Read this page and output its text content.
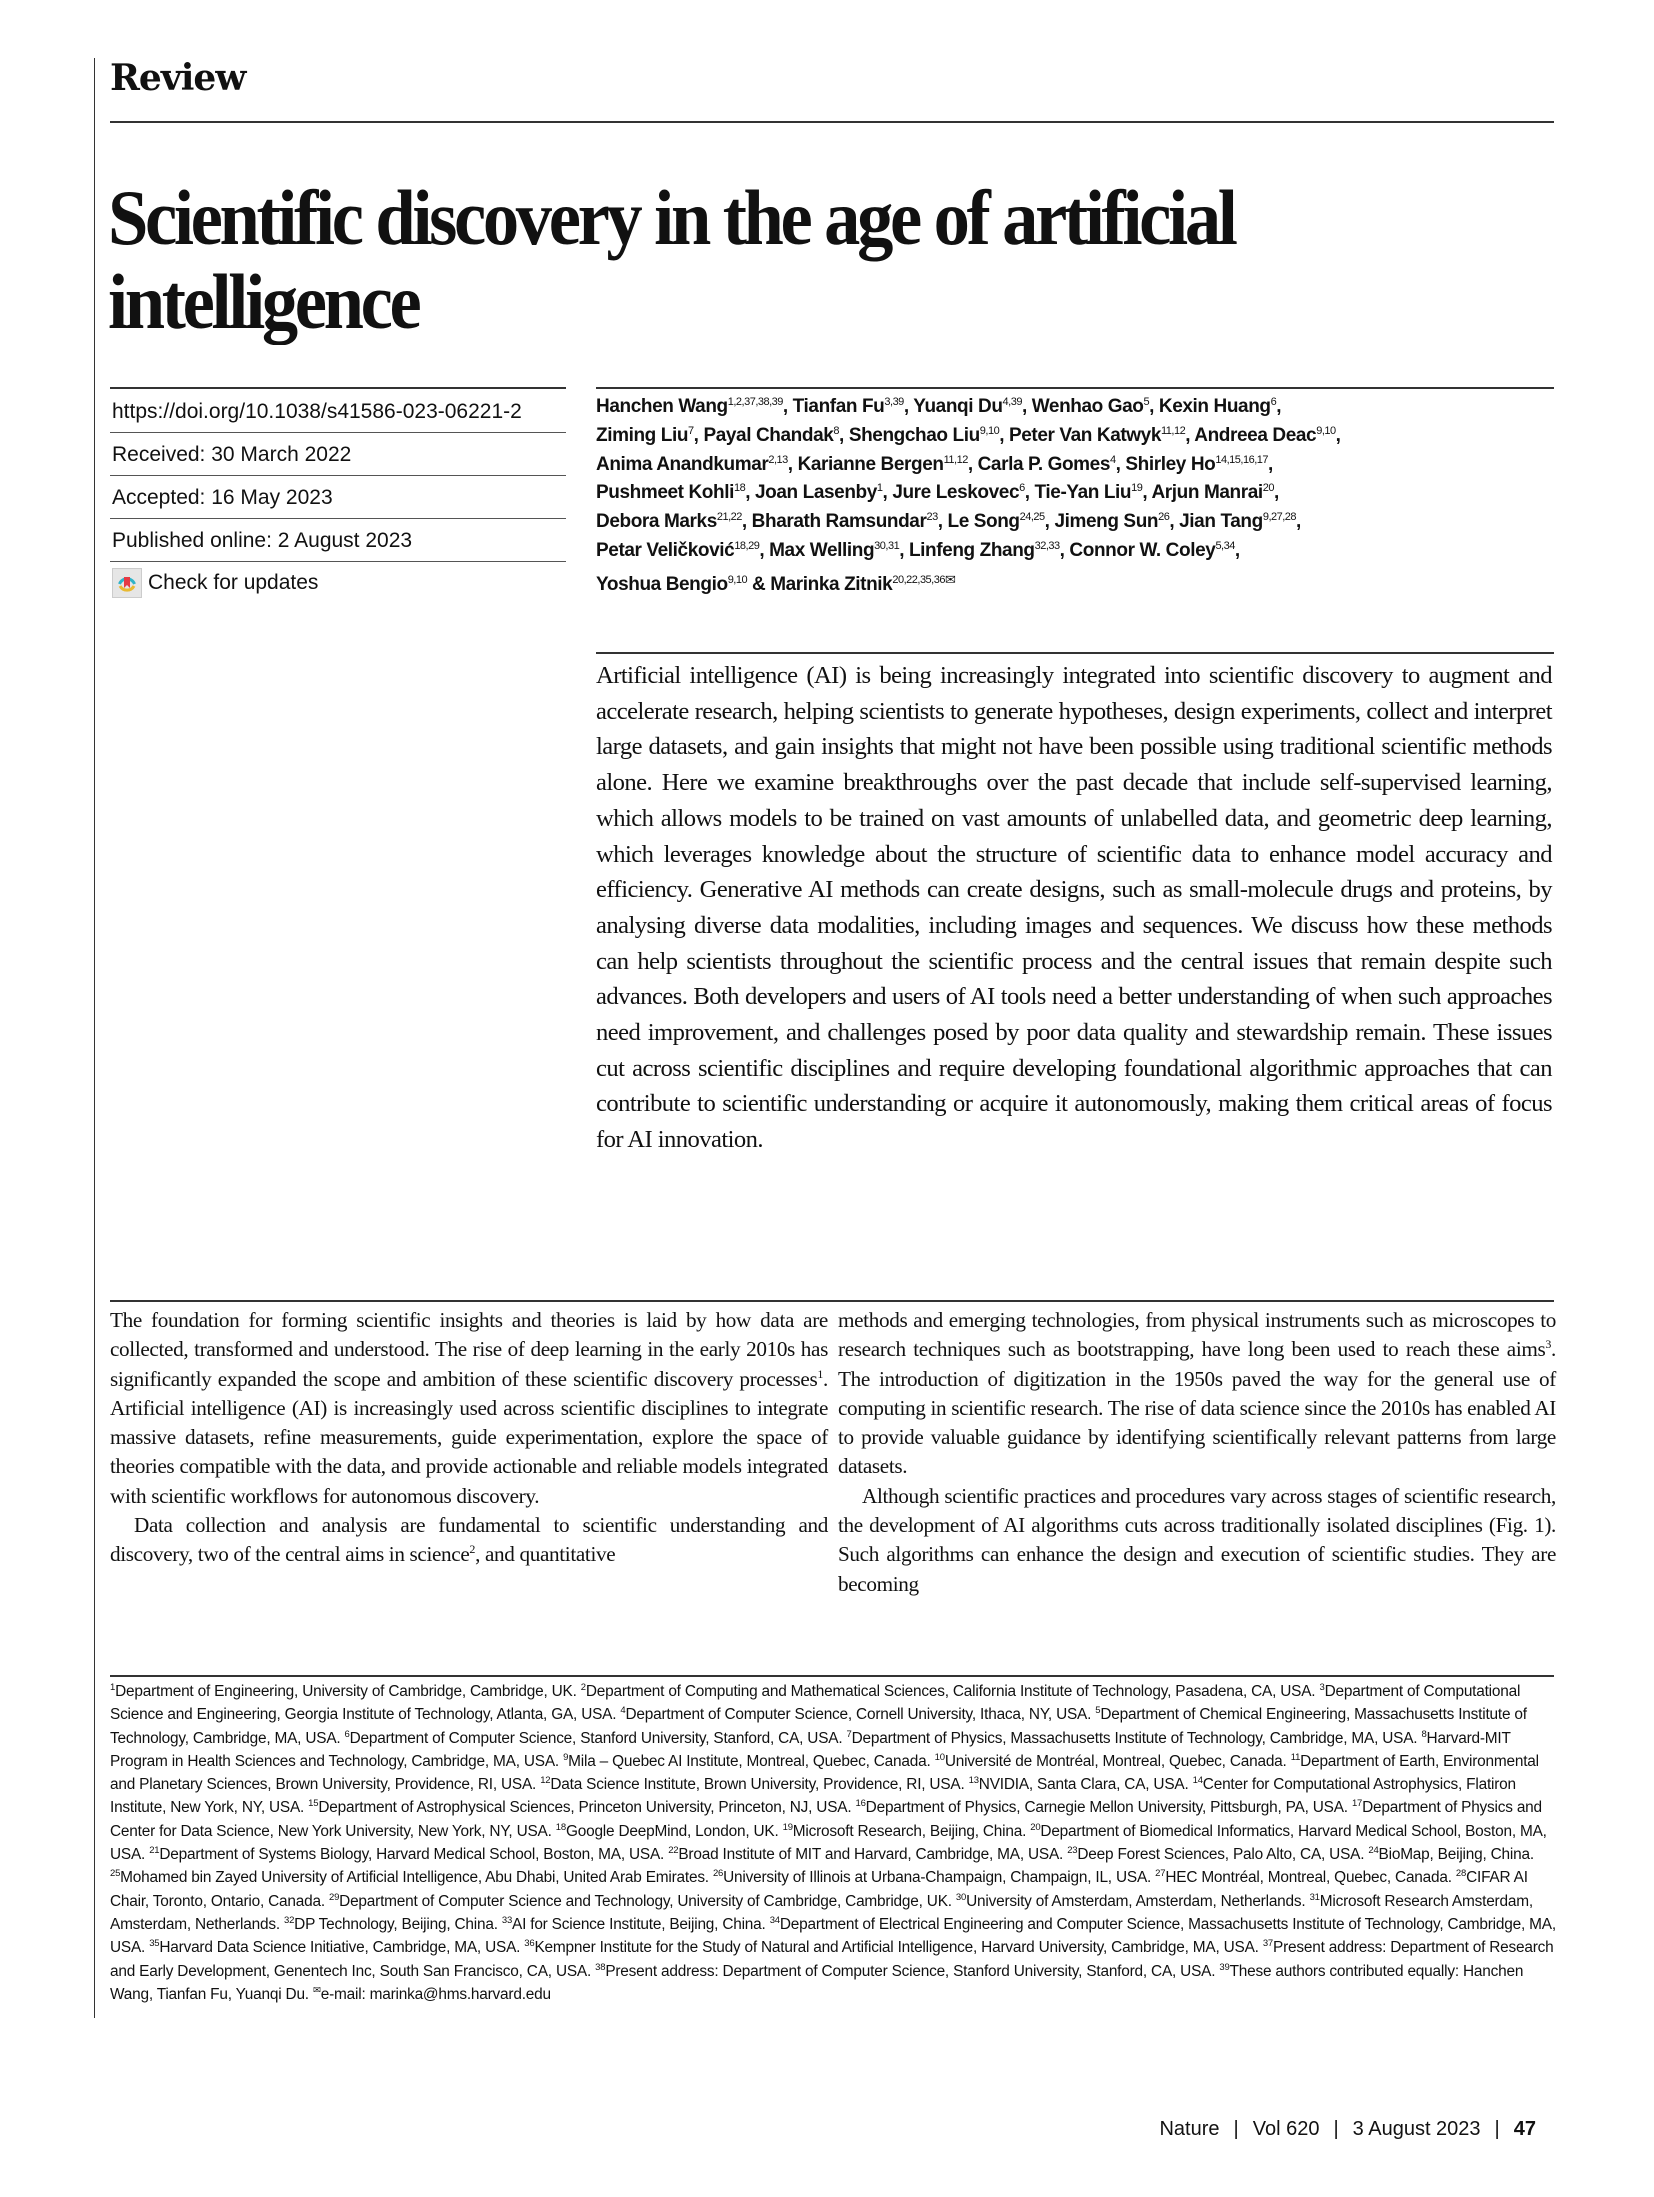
Review
Scientific discovery in the age of artificial intelligence
https://doi.org/10.1038/s41586-023-06221-2
Received: 30 March 2022
Accepted: 16 May 2023
Published online: 2 August 2023
Check for updates
Hanchen Wang$^{1,2,37,38,39}$, Tianfan Fu$^{3,39}$, Yuanqi Du$^{4,39}$, Wenhao Gao$^5$, Kexin Huang$^6$,
Ziming Liu$^7$, Payal Chandak$^8$, Shengchao Liu$^{9,10}$, Peter Van Katwyk$^{11,12}$, Andreea Deac$^{9,10}$,
Anima Anandkumar$^{2,13}$, Karianne Bergen$^{11,12}$, Carla P. Gomes$^4$, Shirley Ho$^{14,15,16,17}$,
Pushmeet Kohli$^{18}$, Joan Lasenby$^1$, Jure Leskovec$^6$, Tie-Yan Liu$^{19}$, Arjun Manrai$^{20}$,
Debora Marks$^{21,22}$, Bharath Ramsundar$^{23}$, Le Song$^{24,25}$, Jimeng Sun$^{26}$, Jian Tang$^{9,27,28}$,
Petar Veličković$^{18,29}$, Max Welling$^{30,31}$, Linfeng Zhang$^{32,33}$, Connor W. Coley$^{5,34}$,
Yoshua Bengio$^{9,10}$ & Marinka Zitnik$^{20,22,35,36✉}$
Artificial intelligence (AI) is being increasingly integrated into scientific discovery to augment and accelerate research, helping scientists to generate hypotheses, design experiments, collect and interpret large datasets, and gain insights that might not have been possible using traditional scientific methods alone. Here we examine breakthroughs over the past decade that include self-supervised learning, which allows models to be trained on vast amounts of unlabelled data, and geometric deep learning, which leverages knowledge about the structure of scientific data to enhance model accuracy and efficiency. Generative AI methods can create designs, such as small-molecule drugs and proteins, by analysing diverse data modalities, including images and sequences. We discuss how these methods can help scientists throughout the scientific process and the central issues that remain despite such advances. Both developers and users of AI tools need a better understanding of when such approaches need improvement, and challenges posed by poor data quality and stewardship remain. These issues cut across scientific disciplines and require developing foundational algorithmic approaches that can contribute to scientific understanding or acquire it autonomously, making them critical areas of focus for AI innovation.

The foundation for forming scientific insights and theories is laid by how data are collected, transformed and understood. The rise of deep learning in the early 2010s has significantly expanded the scope and ambition of these scientific discovery processes$^1$. Artificial intelligence (AI) is increasingly used across scientific disciplines to integrate massive datasets, refine measurements, guide experimentation, explore the space of theories compatible with the data, and provide actionable and reliable models integrated with scientific workflows for autonomous discovery.

Data collection and analysis are fundamental to scientific understanding and discovery, two of the central aims in science$^2$, and quantitative

methods and emerging technologies, from physical instruments such as microscopes to research techniques such as bootstrapping, have long been used to reach these aims$^3$. The introduction of digitization in the 1950s paved the way for the general use of computing in scientific research. The rise of data science since the 2010s has enabled AI to provide valuable guidance by identifying scientifically relevant patterns from large datasets.

Although scientific practices and procedures vary across stages of scientific research, the development of AI algorithms cuts across traditionally isolated disciplines (Fig. 1). Such algorithms can enhance the design and execution of scientific studies. They are becoming

$^1$Department of Engineering, University of Cambridge, Cambridge, UK. $^2$Department of Computing and Mathematical Sciences, California Institute of Technology, Pasadena, CA, USA. $^3$Department of Computational Science and Engineering, Georgia Institute of Technology, Atlanta, GA, USA. $^4$Department of Computer Science, Cornell University, Ithaca, NY, USA. $^5$Department of Chemical Engineering, Massachusetts Institute of Technology, Cambridge, MA, USA. $^6$Department of Computer Science, Stanford University, Stanford, CA, USA. $^7$Department of Physics, Massachusetts Institute of Technology, Cambridge, MA, USA. $^8$Harvard-MIT Program in Health Sciences and Technology, Cambridge, MA, USA. $^9$Mila – Quebec AI Institute, Montreal, Quebec, Canada. $^{10}$Université de Montréal, Montreal, Quebec, Canada. $^{11}$Department of Earth, Environmental and Planetary Sciences, Brown University, Providence, RI, USA. $^{12}$Data Science Institute, Brown University, Providence, RI, USA. $^{13}$NVIDIA, Santa Clara, CA, USA. $^{14}$Center for Computational Astrophysics, Flatiron Institute, New York, NY, USA. $^{15}$Department of Astrophysical Sciences, Princeton University, Princeton, NJ, USA. $^{16}$Department of Physics, Carnegie Mellon University, Pittsburgh, PA, USA. $^{17}$Department of Physics and Center for Data Science, New York University, New York, NY, USA. $^{18}$Google DeepMind, London, UK. $^{19}$Microsoft Research, Beijing, China. $^{20}$Department of Biomedical Informatics, Harvard Medical School, Boston, MA, USA. $^{21}$Department of Systems Biology, Harvard Medical School, Boston, MA, USA. $^{22}$Broad Institute of MIT and Harvard, Cambridge, MA, USA. $^{23}$Deep Forest Sciences, Palo Alto, CA, USA. $^{24}$BioMap, Beijing, China. $^{25}$Mohamed bin Zayed University of Artificial Intelligence, Abu Dhabi, United Arab Emirates. $^{26}$University of Illinois at Urbana-Champaign, Champaign, IL, USA. $^{27}$HEC Montréal, Montreal, Quebec, Canada. $^{28}$CIFAR AI Chair, Toronto, Ontario, Canada. $^{29}$Department of Computer Science and Technology, University of Cambridge, Cambridge, UK. $^{30}$University of Amsterdam, Amsterdam, Netherlands. $^{31}$Microsoft Research Amsterdam, Amsterdam, Netherlands. $^{32}$DP Technology, Beijing, China. $^{33}$AI for Science Institute, Beijing, China. $^{34}$Department of Electrical Engineering and Computer Science, Massachusetts Institute of Technology, Cambridge, MA, USA. $^{35}$Harvard Data Science Initiative, Cambridge, MA, USA. $^{36}$Kempner Institute for the Study of Natural and Artificial Intelligence, Harvard University, Cambridge, MA, USA. $^{37}$Present address: Department of Research and Early Development, Genentech Inc, South San Francisco, CA, USA. $^{38}$Present address: Department of Computer Science, Stanford University, Stanford, CA, USA. $^{39}$These authors contributed equally: Hanchen Wang, Tianfan Fu, Yuanqi Du. ✉e-mail: marinka@hms.harvard.edu
Nature | Vol 620 | 3 August 2023 | 47
